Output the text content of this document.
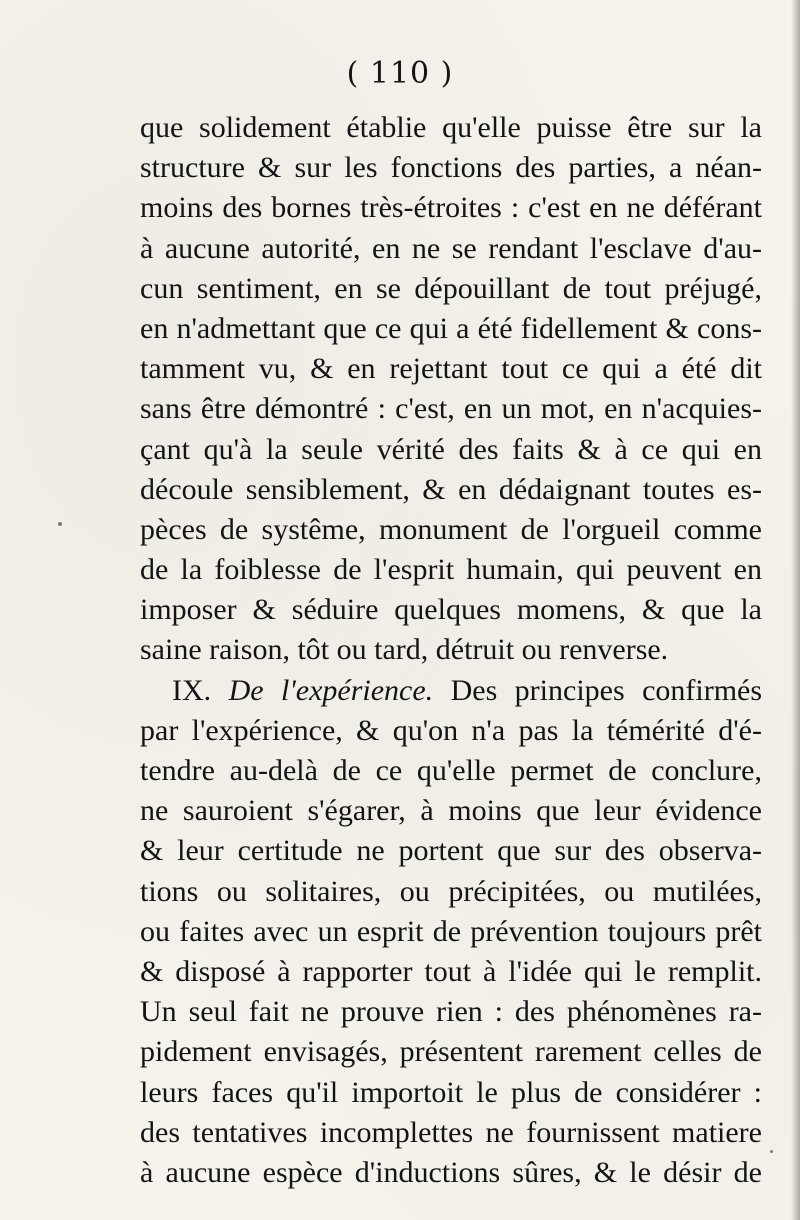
( 110 )
que solidement établie qu'elle puisse être sur la
structure & sur les fonctions des parties, a néan-
moins des bornes très-étroites : c'est en ne déférant
à aucune autorité, en ne se rendant l'esclave d'au-
cun sentiment, en se dépouillant de tout préjugé,
en n'admettant que ce qui a été fidellement & cons-
tamment vu, & en rejettant tout ce qui a été dit
sans être démontré : c'est, en un mot, en n'acquies-
çant qu'à la seule vérité des faits & à ce qui en
découle sensiblement, & en dédaignant toutes es-
pèces de systême, monument de l'orgueil comme
de la foiblesse de l'esprit humain, qui peuvent en
imposer & séduire quelques momens, & que la
saine raison, tôt ou tard, détruit ou renverse.
IX. De l'expérience. Des principes confirmés
par l'expérience, & qu'on n'a pas la témérité d'é-
tendre au-delà de ce qu'elle permet de conclure,
ne sauroient s'égarer, à moins que leur évidence
& leur certitude ne portent que sur des observa-
tions ou solitaires, ou précipitées, ou mutilées,
ou faites avec un esprit de prévention toujours prêt
& disposé à rapporter tout à l'idée qui le remplit.
Un seul fait ne prouve rien : des phénomènes ra-
pidement envisagés, présentent rarement celles de
leurs faces qu'il importoit le plus de considérer :
des tentatives incomplettes ne fournissent matiere
à aucune espèce d'inductions sûres, & le désir de
